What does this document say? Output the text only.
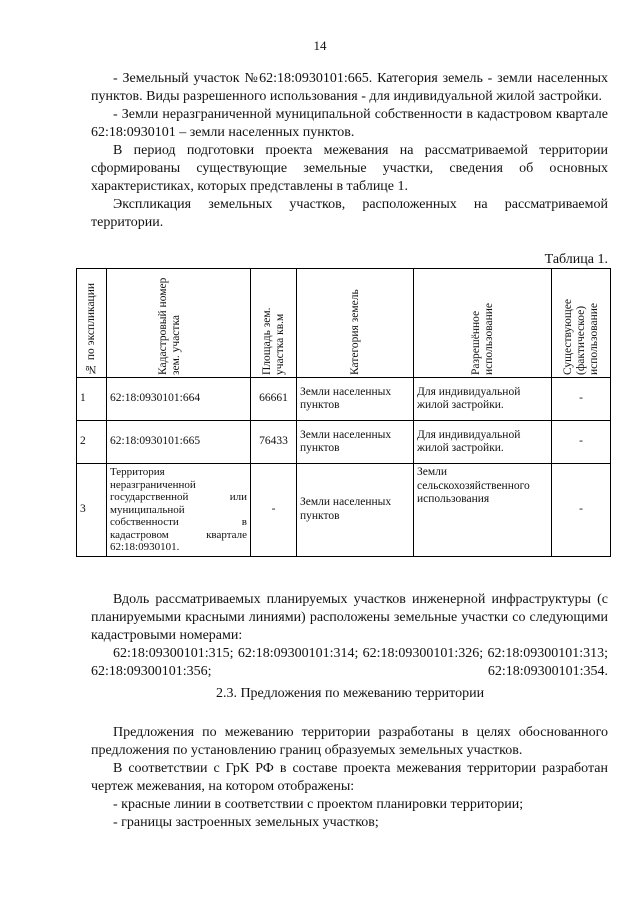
14

- Земельный участок №62:18:0930101:665. Категория земель - земли населенных пунктов. Виды разрешенного использования - для индивидуальной жилой застройки.

- Земли неразграниченной муниципальной собственности в кадастровом квартале 62:18:0930101 – земли населенных пунктов.

В период подготовки проекта межевания на рассматриваемой территории сформированы существующие земельные участки, сведения об основных характеристиках, которых представлены в таблице 1.

Экспликация земельных участков, расположенных на рассматриваемой территории.

Таблица 1.
№ по экспликации	Кадастровый номер зем. участка	Площадь зем. участка кв.м	Категория земель	Разрешённое использование	Существующее (фактическое) использование

1	62:18:0930101:664	66661	Земли населенных пунктов	Для индивидуальной жилой застройки.	-
2	62:18:0930101:665	76433	Земли населенных пунктов	Для индивидуальной жилой застройки.	-
3	Территория неразграниченной государственной или муниципальной собственности в кадастровом квартале 62:18:0930101.	-	Земли населенных пунктов	Земли сельскохозяйственного использования	-

Вдоль рассматриваемых планируемых участков инженерной инфраструктуры (с планируемыми красными линиями) расположены земельные участки со следующими кадастровыми номерами:

62:18:09300101:315; 62:18:09300101:314; 62:18:09300101:326; 62:18:09300101:313; 62:18:09300101:356; 62:18:09300101:354.

2.3. Предложения по межеванию территории

Предложения по межеванию территории разработаны в целях обоснованного предложения по установлению границ образуемых земельных участков.

В соответствии с ГрК РФ в составе проекта межевания территории разработан чертеж межевания, на котором отображены:

- красные линии в соответствии с проектом планировки территории;

- границы застроенных земельных участков;
